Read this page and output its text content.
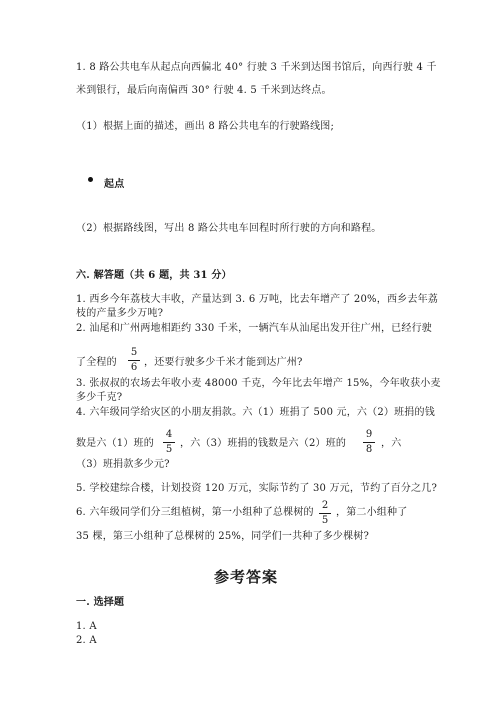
1. 8 路公共电车从起点向西偏北 40° 行驶 3 千米到达图书馆后，向西行驶 4 千
米到银行，最后向南偏西 30° 行驶 4. 5 千米到达终点。
（1）根据上面的描述，画出 8 路公共电车的行驶路线图;
起点
（2）根据路线图，写出 8 路公共电车回程时所行驶的方向和路程。
六. 解答题（共 6 题，共 31 分）
1. 西乡今年荔枝大丰收，产量达到 3. 6 万吨，比去年增产了 20%，西乡去年荔
枝的产量多少万吨?
2. 汕尾和广州两地相距约 330 千米，一辆汽车从汕尾出发开往广州，已经行驶
了全程的
5
6 ，还要行驶多少千米才能到达广州?
3. 张叔叔的农场去年收小麦 48000 千克，今年比去年增产 15%，今年收获小麦
多少千克?
4. 六年级同学给灾区的小朋友捐款。六（1）班捐了 500 元，六（2）班捐的钱
数是六（1）班的
4
5
，六（3）班捐的钱数是六（2）班的
9
8
，六
（3）班捐款多少元?
5. 学校建综合楼，计划投资 120 万元，实际节约了 30 万元，节约了百分之几?
6. 六年级同学们分三组植树，第一小组种了总棵树的
2
5
，第二小组种了
35 棵，第三小组种了总棵树的 25%，同学们一共种了多少棵树?
参考答案
一. 选择题
1. A
2. A
